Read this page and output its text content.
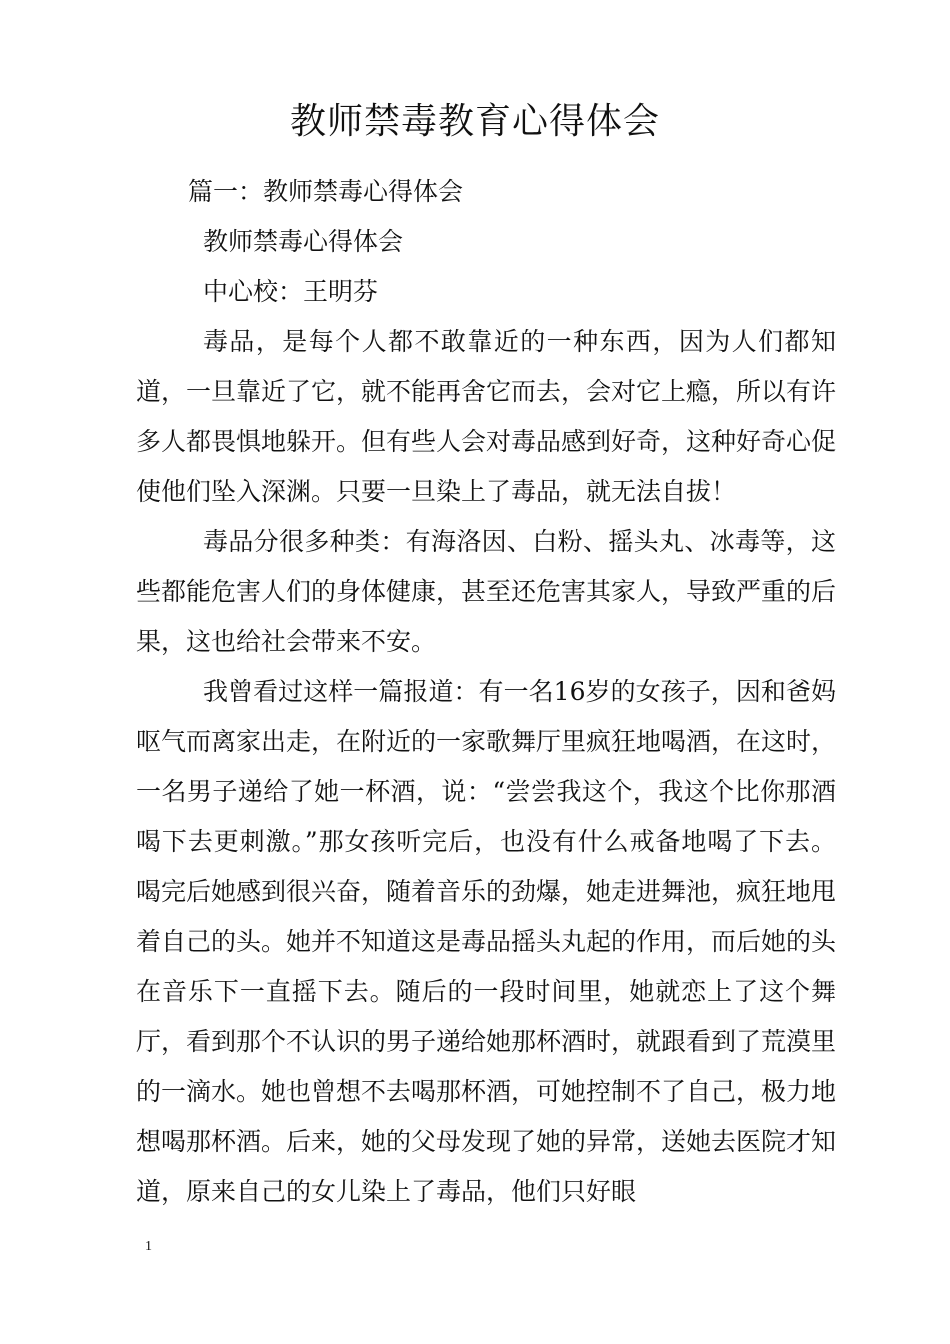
教师禁毒教育心得体会
篇一：教师禁毒心得体会
教师禁毒心得体会
中心校：王明芬
毒品，是每个人都不敢靠近的一种东西，因为人们都知道，一旦靠近了它，就不能再舍它而去，会对它上瘾，所以有许多人都畏惧地躲开。但有些人会对毒品感到好奇，这种好奇心促使他们坠入深渊。只要一旦染上了毒品，就无法自拔！
毒品分很多种类：有海洛因、白粉、摇头丸、冰毒等，这些都能危害人们的身体健康，甚至还危害其家人，导致严重的后果，这也给社会带来不安。
我曾看过这样一篇报道：有一名16岁的女孩子，因和爸妈呕气而离家出走，在附近的一家歌舞厅里疯狂地喝酒，在这时，一名男子递给了她一杯酒，说：“尝尝我这个，我这个比你那酒喝下去更刺激。”那女孩听完后，也没有什么戒备地喝了下去。喝完后她感到很兴奋，随着音乐的劲爆，她走进舞池，疯狂地甩着自己的头。她并不知道这是毒品摇头丸起的作用，而后她的头在音乐下一直摇下去。随后的一段时间里，她就恋上了这个舞厅，看到那个不认识的男子递给她那杯酒时，就跟看到了荒漠里的一滴水。她也曾想不去喝那杯酒，可她控制不了自己，极力地想喝那杯酒。后来，她的父母发现了她的异常，送她去医院才知道，原来自己的女儿染上了毒品，他们只好眼
1
